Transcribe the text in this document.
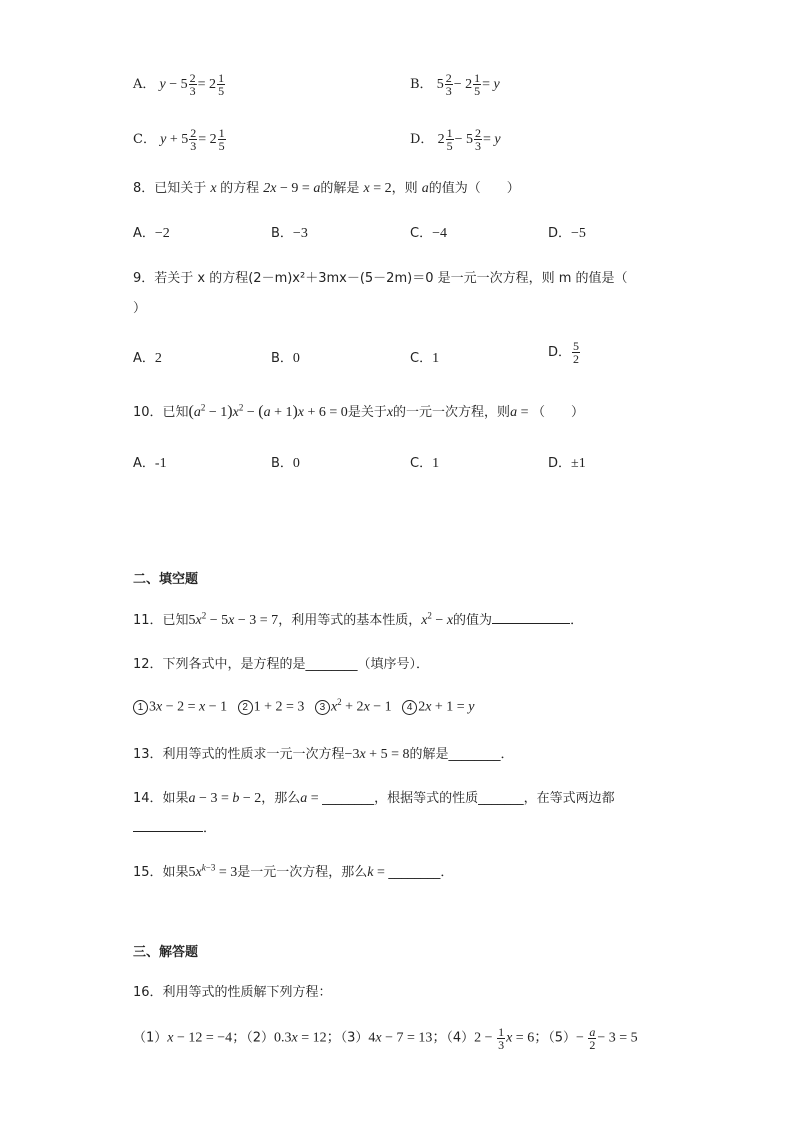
A． $y - 5 \frac{2}{3} = 2 \frac{1}{5}$	B． $5 \frac{2}{3} - 2 \frac{1}{5} = y$
C． $y + 5 \frac{2}{3} = 2 \frac{1}{5}$	D． $2 \frac{1}{5} - 5 \frac{2}{3} = y$
8．已知关于 x 的方程 2x − 9 = a的解是 x = 2，则 a的值为（　　）
A．−2	B．−3	C．−4	D．−5
9．若关于 x 的方程(2－m)x²＋3mx－(5－2m)＝0 是一元一次方程，则 m 的值是（
）
A．2	B．0	C．1	D． $\frac{5}{2}$
10．已知$(a^2 - 1)x^2 - (a + 1)x + 6 = 0$是关于x的一元一次方程，则a = （　　）
A．-1	B．0	C．1	D．±1
二、填空题
11．已知$5x^2 - 5x - 3 = 7$，利用等式的基本性质，$x^2 - x$的值为	．
12．下列各式中，是方程的是________（填序号）．
1 3x − 2 = x − 1   2 1 + 2 = 3   3 $x^2 + 2x - 1$   4 2x + 1 = y
13．利用等式的性质求一元一次方程−3x + 5 = 8的解是________．
14．如果a − 3 = b − 2，那么a = ________，根据等式的性质_______，在等式两边都
．
15．如果$5x^{k-3} = 3$是一元一次方程，那么k = ________．
三、解答题
16．利用等式的性质解下列方程：
（1）x − 12 = −4；（2）0.3x = 12；（3）4x − 7 = 13；$(4)2 - \frac{1}{3}$ x = 6；$(5)- \frac{a}{2} - 3 = 5$
